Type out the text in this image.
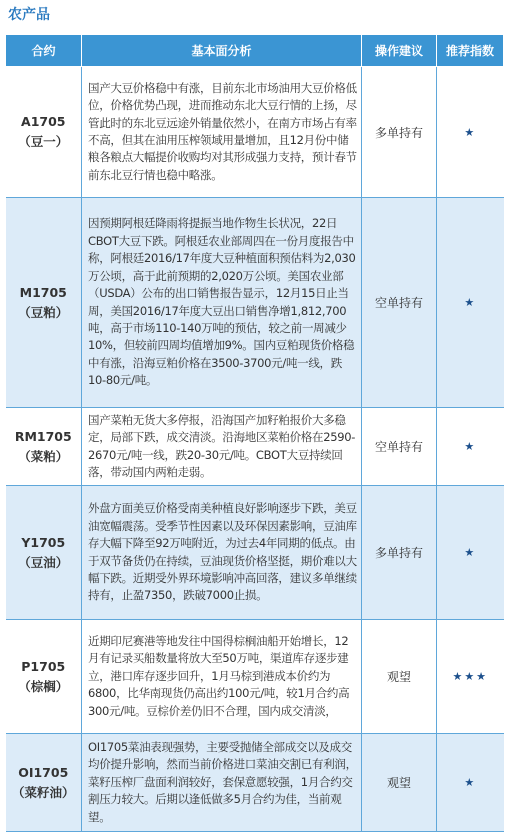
农产品
合约	基本面分析	操作建议	推荐指数

A1705
（豆一）	国产大豆价格稳中有涨，目前东北市场油用大豆价格低位，价格优势凸现，进而推动东北大豆行情的上扬，尽管此时的东北豆远途外销量依然小，在南方市场占有率不高，但其在油用压榨领域用量增加，且12月份中储粮各粮点大幅提价收购均对其形成强力支持，预计春节前东北豆行情也稳中略涨。	多单持有	★

M1705
（豆粕）	因预期阿根廷降雨将提振当地作物生长状况，22日CBOT大豆下跌。阿根廷农业部周四在一份月度报告中称，阿根廷2016/17年度大豆种植面积预估料为2,030万公顷，高于此前预期的2,020万公顷。美国农业部（USDA）公布的出口销售报告显示，12月15日止当周，美国2016/17年度大豆出口销售净增1,812,700吨，高于市场110-140万吨的预估，较之前一周减少10%，但较前四周均值增加9%。国内豆粕现货价格稳中有涨，沿海豆粕价格在3500-3700元/吨一线，跌10-80元/吨。	空单持有	★

RM1705
（菜粕）	国产菜粕无货大多停报，沿海国产加籽粕报价大多稳定，局部下跌，成交清淡。沿海地区菜粕价格在2590-2670元/吨一线，跌20-30元/吨。CBOT大豆持续回落，带动国内两粕走弱。	空单持有	★

Y1705
（豆油）	外盘方面美豆价格受南美种植良好影响逐步下跌，美豆油宽幅震荡。受季节性因素以及环保因素影响，豆油库存大幅下降至92万吨附近，为过去4年同期的低点。由于双节备货仍在持续，豆油现货价格坚挺，期价难以大幅下跌。近期受外界环境影响冲高回落，建议多单继续持有，止盈7350，跌破7000止损。	多单持有	★

P1705
（棕榈）	近期印尼赛港等地发往中国得棕榈油船开始增长，12月有记录买船数量将放大至50万吨，渠道库存逐步建立，港口库存逐步回升，1月马棕到港成本价约为6800，比华南现货仍高出约100元/吨，较1月合约高300元/吨。豆棕价差仍旧不合理，国内成交清淡，	观望	★★★

OI1705
（菜籽油）	OI1705菜油表现强势，主要受抛储全部成交以及成交均价提升影响，然而当前价格进口菜油交割已有利润，菜籽压榨厂盘面利润较好，套保意愿较强，1月合约交割压力较大。后期以逢低做多5月合约为佳，当前观望。	观望	★
